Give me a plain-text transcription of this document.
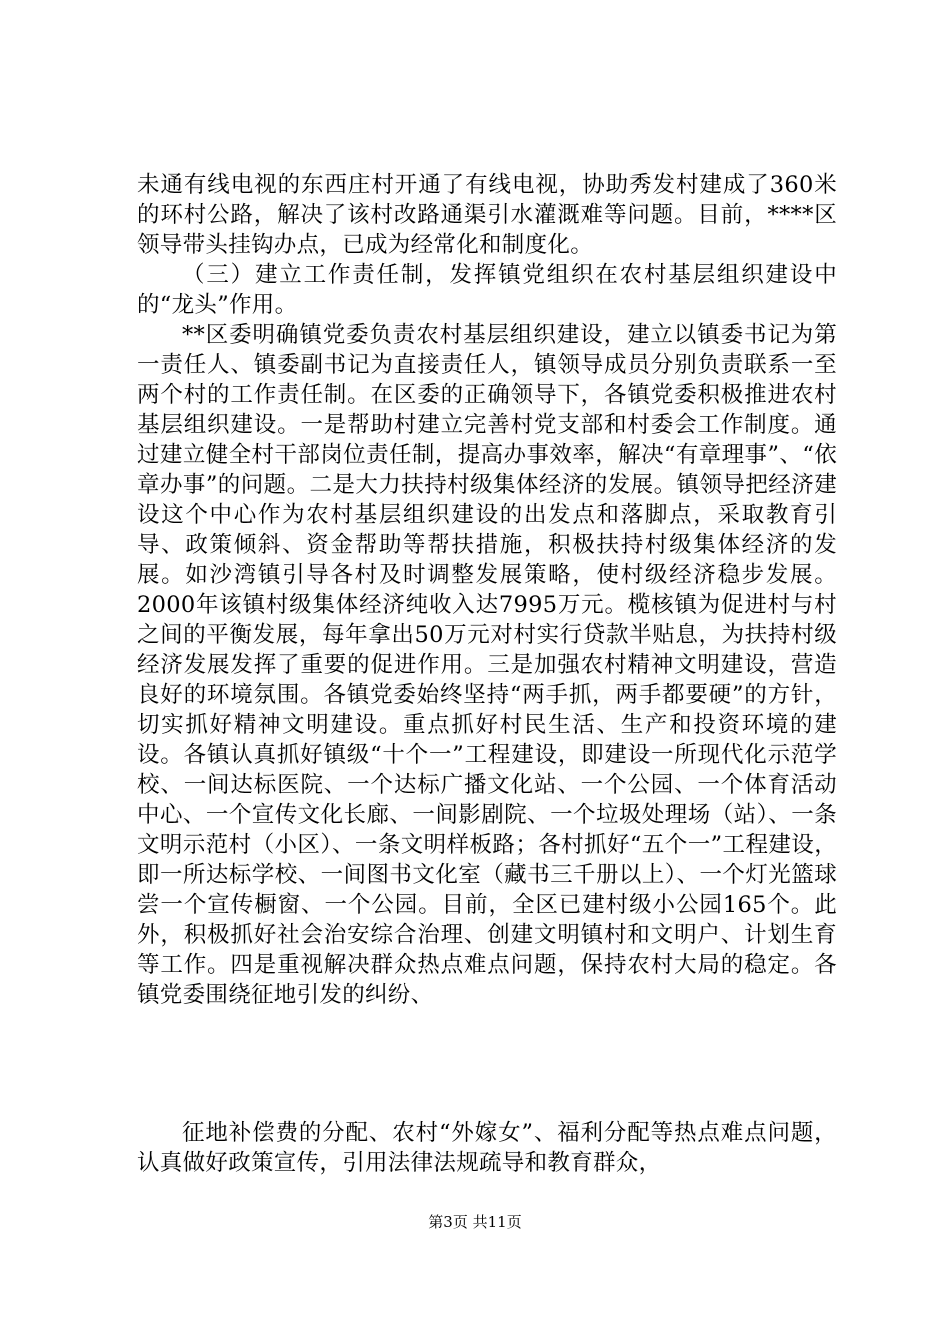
未通有线电视的东西庄村开通了有线电视，协助秀发村建成了360米的环村公路，解决了该村改路通渠引水灌溉难等问题。目前，****区领导带头挂钩办点，已成为经常化和制度化。

（三）建立工作责任制，发挥镇党组织在农村基层组织建设中的“龙头”作用。

**区委明确镇党委负责农村基层组织建设，建立以镇委书记为第一责任人、镇委副书记为直接责任人，镇领导成员分别负责联系一至两个村的工作责任制。在区委的正确领导下，各镇党委积极推进农村基层组织建设。一是帮助村建立完善村党支部和村委会工作制度。通过建立健全村干部岗位责任制，提高办事效率，解决“有章理事”、“依章办事”的问题。二是大力扶持村级集体经济的发展。镇领导把经济建设这个中心作为农村基层组织建设的出发点和落脚点，采取教育引导、政策倾斜、资金帮助等帮扶措施，积极扶持村级集体经济的发展。如沙湾镇引导各村及时调整发展策略，使村级经济稳步发展。2000年该镇村级集体经济纯收入达7995万元。榄核镇为促进村与村之间的平衡发展，每年拿出50万元对村实行贷款半贴息，为扶持村级经济发展发挥了重要的促进作用。三是加强农村精神文明建设，营造良好的环境氛围。各镇党委始终坚持“两手抓，两手都要硬”的方针，切实抓好精神文明建设。重点抓好村民生活、生产和投资环境的建设。各镇认真抓好镇级“十个一”工程建设，即建设一所现代化示范学校、一间达标医院、一个达标广播文化站、一个公园、一个体育活动中心、一个宣传文化长廊、一间影剧院、一个垃圾处理场（站）、一条文明示范村（小区）、一条文明样板路；各村抓好“五个一”工程建设，即一所达标学校、一间图书文化室（藏书三千册以上）、一个灯光篮球尝一个宣传橱窗、一个公园。目前，全区已建村级小公园165个。此外，积极抓好社会治安综合治理、创建文明镇村和文明户、计划生育等工作。四是重视解决群众热点难点问题，保持农村大局的稳定。各镇党委围绕征地引发的纠纷、

征地补偿费的分配、农村“外嫁女”、福利分配等热点难点问题，认真做好政策宣传，引用法律法规疏导和教育群众，

第3页 共11页
